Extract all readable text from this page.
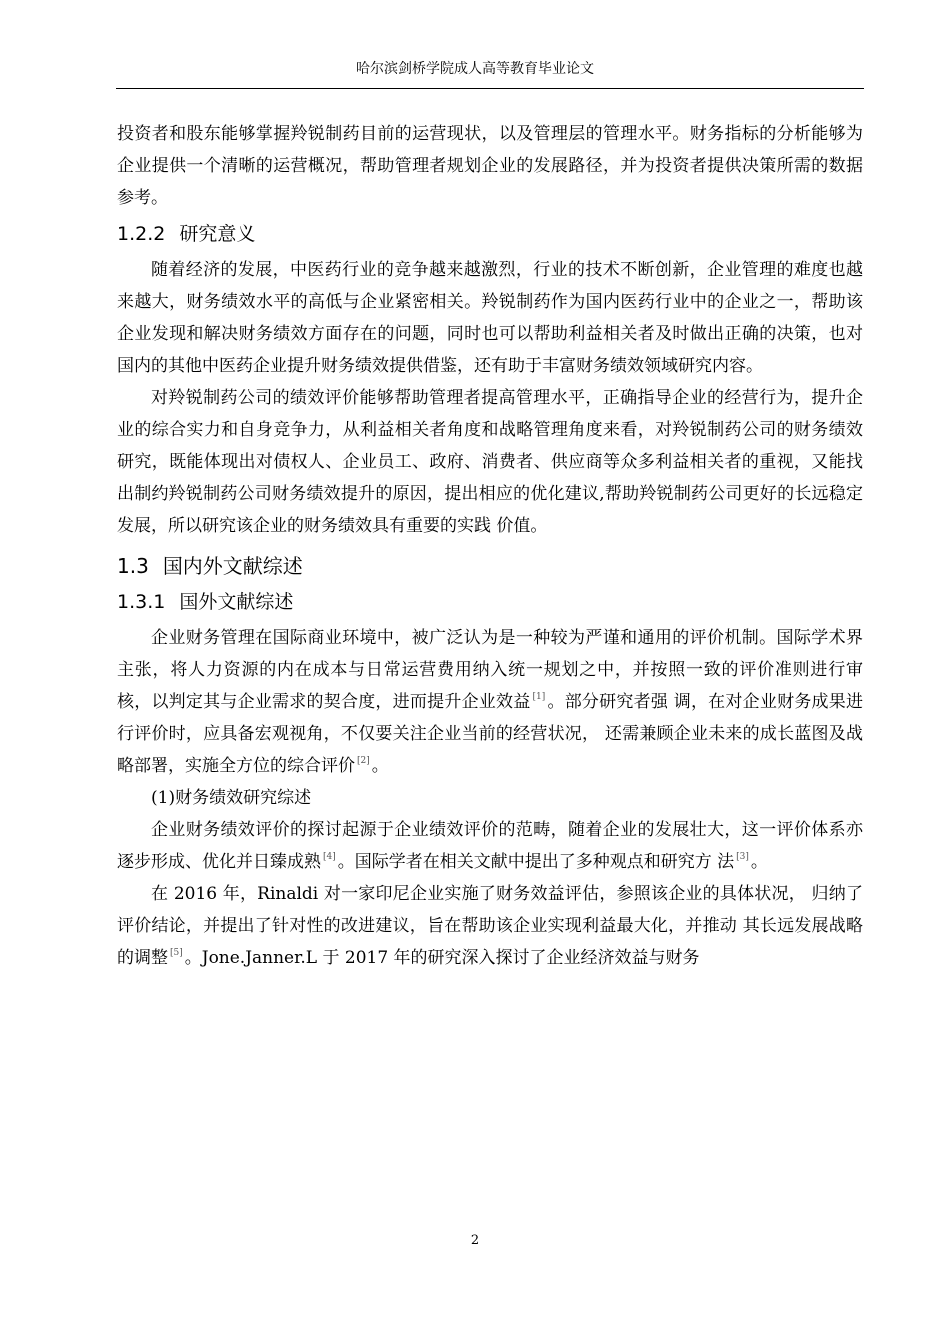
哈尔滨剑桥学院成人高等教育毕业论文

投资者和股东能够掌握羚锐制药目前的运营现状，以及管理层的管理水平。财务指标的分析能够为企业提供一个清晰的运营概况，帮助管理者规划企业的发展路径，并为投资者提供决策所需的数据参考。

1.2.2 研究意义

随着经济的发展，中医药行业的竞争越来越激烈，行业的技术不断创新，企业管理的难度也越来越大，财务绩效水平的高低与企业紧密相关。羚锐制药作为国内医药行业中的企业之一，帮助该企业发现和解决财务绩效方面存在的问题，同时也可以帮助利益相关者及时做出正确的决策，也对国内的其他中医药企业提升财务绩效提供借鉴，还有助于丰富财务绩效领域研究内容。

对羚锐制药公司的绩效评价能够帮助管理者提高管理水平，正确指导企业的经营行为，提升企业的综合实力和自身竞争力，从利益相关者角度和战略管理角度来看，对羚锐制药公司的财务绩效研究，既能体现出对债权人、企业员工、政府、消费者、供应商等众多利益相关者的重视，又能找出制约羚锐制药公司财务绩效提升的原因，提出相应的优化建议,帮助羚锐制药公司更好的长远稳定发展，所以研究该企业的财务绩效具有重要的实践 价值。

1.3 国内外文献综述
1.3.1 国外文献综述

企业财务管理在国际商业环境中，被广泛认为是一种较为严谨和通用的评价机制。国际学术界主张，将人力资源的内在成本与日常运营费用纳入统一规划之中，并按照一致的评价准则进行审核，以判定其与企业需求的契合度，进而提升企业效益 [1] 。部分研究者强 调，在对企业财务成果进行评价时，应具备宏观视角，不仅要关注企业当前的经营状况， 还需兼顾企业未来的成长蓝图及战略部署，实施全方位的综合评价 [2] 。

(1)财务绩效研究综述

企业财务绩效评价的探讨起源于企业绩效评价的范畴，随着企业的发展壮大，这一评价体系亦逐步形成、优化并日臻成熟 [4] 。国际学者在相关文献中提出了多种观点和研究方 法 [3] 。

在 2016 年，Rinaldi 对一家印尼企业实施了财务效益评估，参照该企业的具体状况， 归纳了评价结论，并提出了针对性的改进建议，旨在帮助该企业实现利益最大化，并推动 其长远发展战略的调整 [5] 。Jone.Janner.L 于 2017 年的研究深入探讨了企业经济效益与财务

2
